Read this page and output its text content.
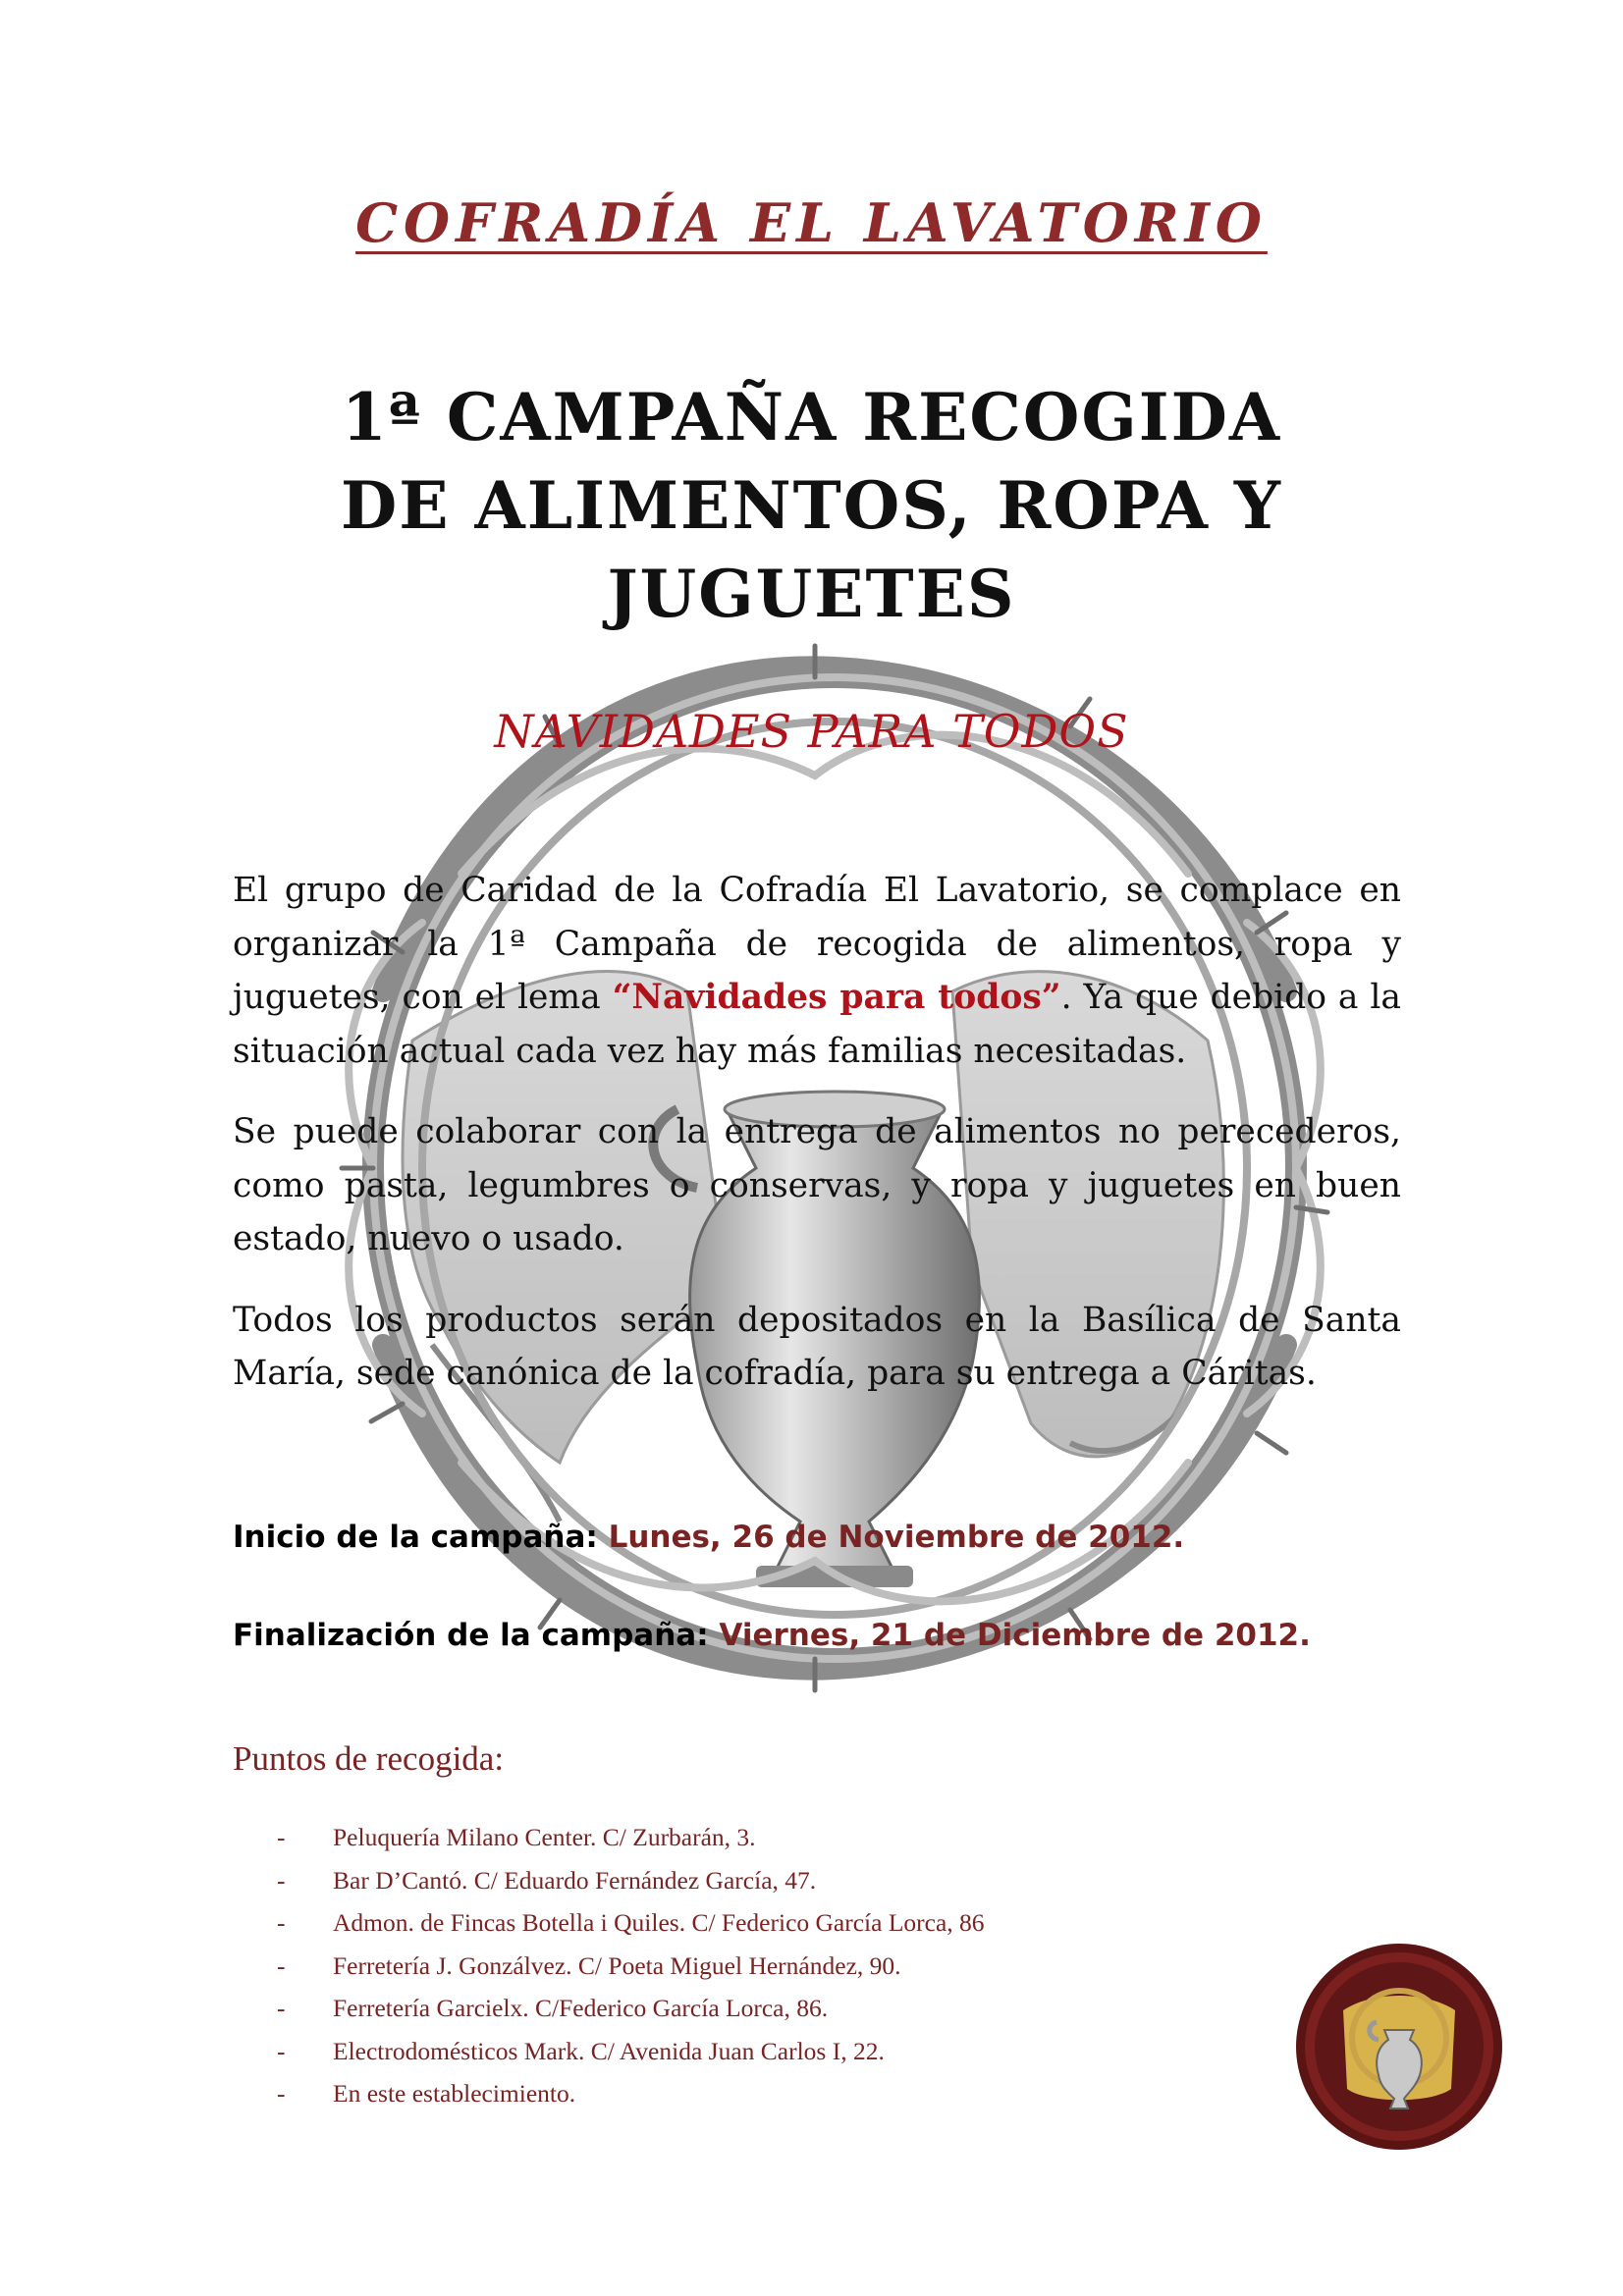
COFRADÍA EL LAVATORIO
1ª CAMPAÑA RECOGIDA
DE ALIMENTOS, ROPA Y
JUGUETES
NAVIDADES PARA TODOS

El grupo de Caridad de la Cofradía El Lavatorio, se complace en organizar la 1ª Campaña de recogida de alimentos, ropa y juguetes, con el lema “Navidades para todos”. Ya que debido a la situación actual cada vez hay más familias necesitadas.

Se puede colaborar con la entrega de alimentos no perecederos, como pasta, legumbres o conservas, y ropa y juguetes en buen estado, nuevo o usado.

Todos los productos serán depositados en la Basílica de Santa María, sede canónica de la cofradía, para su entrega a Cáritas.

Inicio de la campaña: Lunes, 26 de Noviembre de 2012.
Finalización de la campaña: Viernes, 21 de Diciembre de 2012.
Puntos de recogida:
- Peluquería Milano Center. C/ Zurbarán, 3.
- Bar D’Cantó. C/ Eduardo Fernández García, 47.
- Admon. de Fincas Botella i Quiles. C/ Federico García Lorca, 86
- Ferretería J. Gonzálvez. C/ Poeta Miguel Hernández, 90.
- Ferretería Garcielx. C/Federico García Lorca, 86.
- Electrodomésticos Mark. C/ Avenida Juan Carlos I, 22.
- En este establecimiento.
